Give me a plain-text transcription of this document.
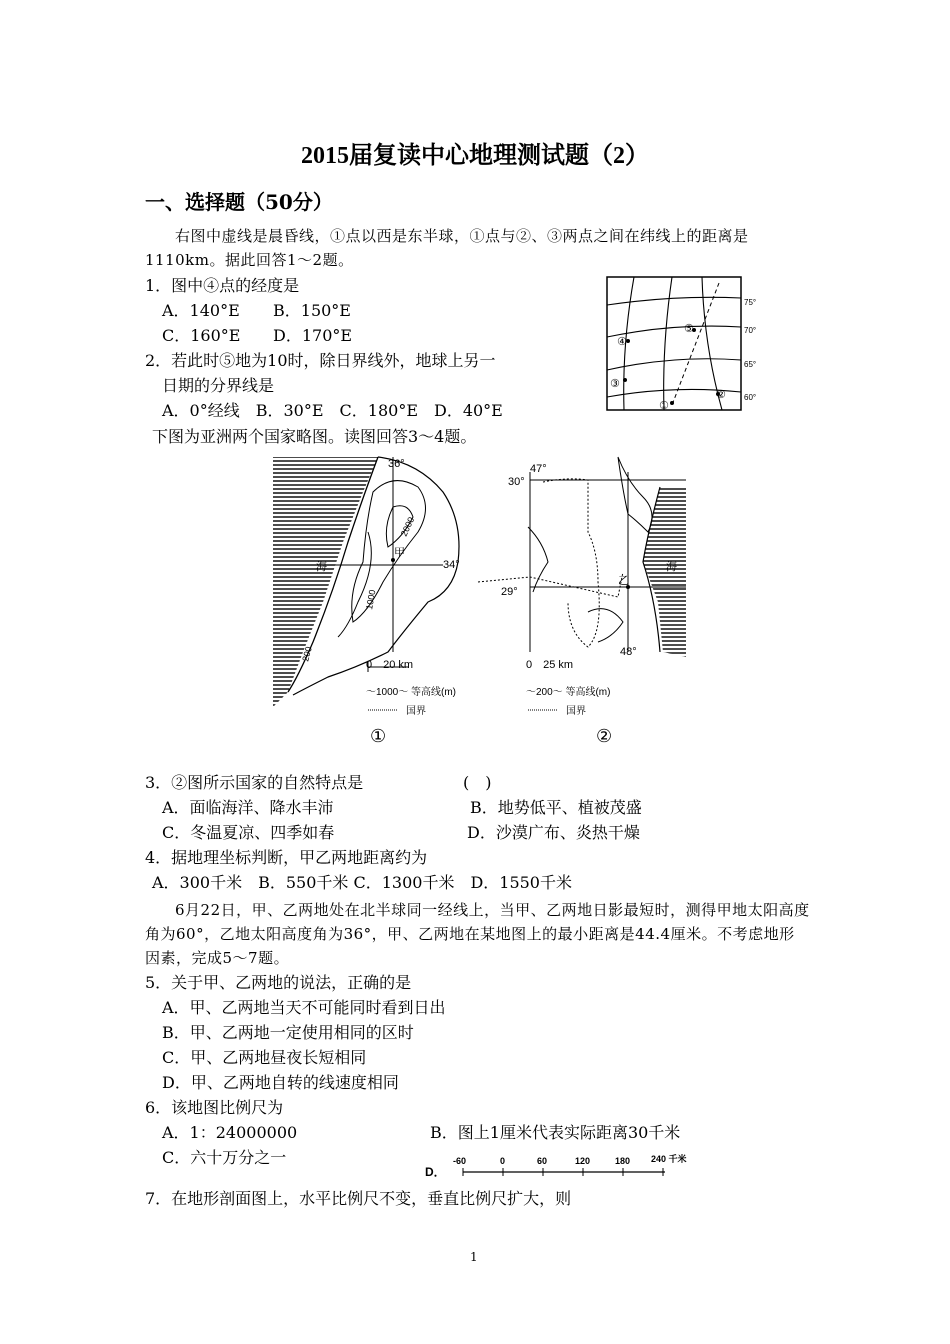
2015届复读中心地理测试题（2）
一、选择题（50分）
右图中虚线是晨昏线，①点以西是东半球，①点与②、③两点之间在纬线上的距离是1110km。据此回答1～2题。
1．图中④点的经度是
A．140°E B．150°E
C．160°E D．170°E
2．若此时⑤地为10时，除日界线外，地球上另一
日期的分界线是
A．0°经线　B．30°E　C．180°E　D．40°E
75°
70°
65°
60°
①
②
③
④
⑤
下图为亚洲两个国家略图。读图回答3～4题。
36°
34°
甲
海
2000
1000
200
0　20 km
〜1000〜 等高线(m)
国界
①
47°
30°
29°
48°
乙
海
0　25 km
〜200〜 等高线(m)
国界
②
3．②图所示国家的自然特点是	(　)
A．面临海洋、降水丰沛	B．地势低平、植被茂盛
C．冬温夏凉、四季如春	D．沙漠广布、炎热干燥
4．据地理坐标判断，甲乙两地距离约为
A．300千米　B．550千米 C．1300千米　D．1550千米
6月22日，甲、乙两地处在北半球同一经线上，当甲、乙两地日影最短时，测得甲地太阳高度角为60°，乙地太阳高度角为36°，甲、乙两地在某地图上的最小距离是44.4厘米。不考虑地形因素，完成5～7题。
5．关于甲、乙两地的说法，正确的是
A．甲、乙两地当天不可能同时看到日出
B．甲、乙两地一定使用相同的区时
C．甲、乙两地昼夜长短相同
D．甲、乙两地自转的线速度相同
6．该地图比例尺为
A．1：24000000	B．图上1厘米代表实际距离30千米
C．六十万分之一
D．
-60	0	60	120	180 240 千米
7．在地形剖面图上，水平比例尺不变，垂直比例尺扩大，则
1
